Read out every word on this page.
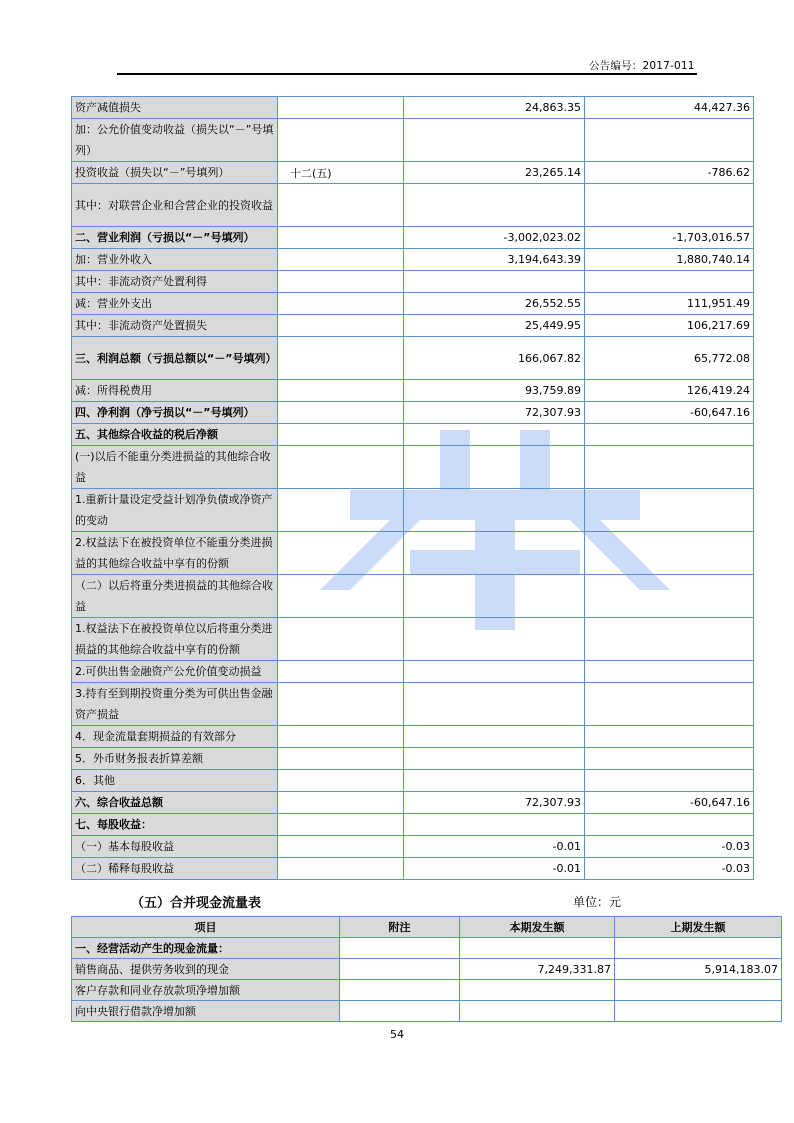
公告编号：2017-011
资产减值损失		24,863.35	44,427.36
加：公允价值变动收益（损失以“－”号填列）			
投资收益（损失以“－”号填列）	十二(五)	23,265.14	-786.62
其中：对联营企业和合营企业的投资收益			
二、营业利润（亏损以“－”号填列）		-3,002,023.02	-1,703,016.57
加：营业外收入		3,194,643.39	1,880,740.14
其中：非流动资产处置利得			
减：营业外支出		26,552.55	111,951.49
其中：非流动资产处置损失		25,449.95	106,217.69
三、利润总额（亏损总额以“－”号填列）		166,067.82	65,772.08
减：所得税费用		93,759.89	126,419.24
四、净利润（净亏损以“－”号填列）		72,307.93	-60,647.16
五、其他综合收益的税后净额			
(一)以后不能重分类进损益的其他综合收益			
1.重新计量设定受益计划净负债或净资产的变动			
2.权益法下在被投资单位不能重分类进损益的其他综合收益中享有的份额			
（二）以后将重分类进损益的其他综合收益			
1.权益法下在被投资单位以后将重分类进损益的其他综合收益中享有的份额			
2.可供出售金融资产公允价值变动损益			
3.持有至到期投资重分类为可供出售金融资产损益			
4．现金流量套期损益的有效部分			
5．外币财务报表折算差额			
6．其他			
六、综合收益总额		72,307.93	-60,647.16
七、每股收益：			
（一）基本每股收益		-0.01	-0.03
（二）稀释每股收益		-0.01	-0.03
（五）合并现金流量表	单位：元
项目	附注	本期发生额	上期发生额
一、经营活动产生的现金流量：			
销售商品、提供劳务收到的现金		7,249,331.87	5,914,183.07
客户存款和同业存放款项净增加额			
向中央银行借款净增加额			
54
